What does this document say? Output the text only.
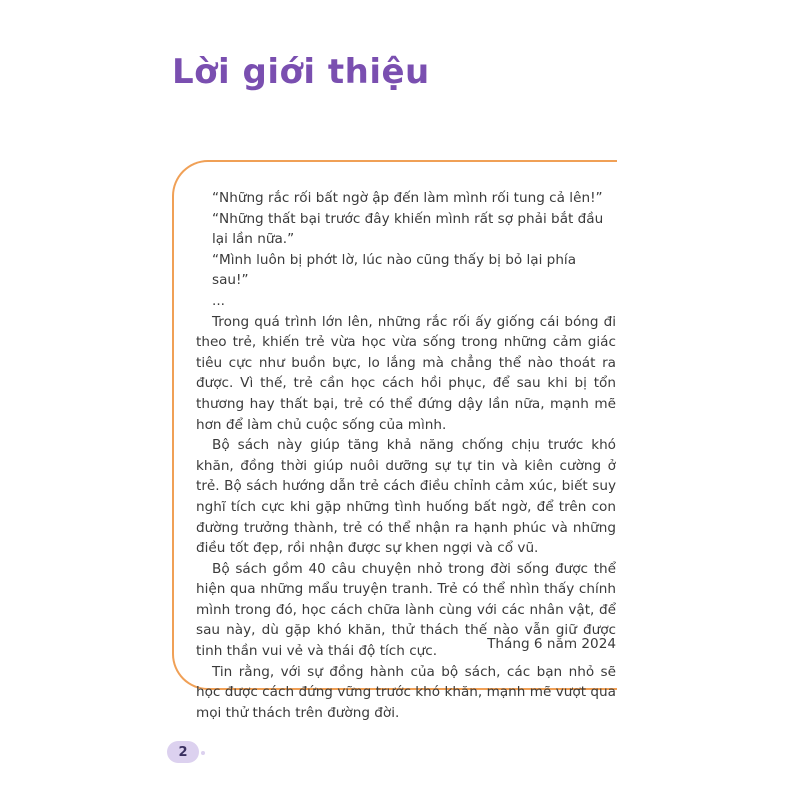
Lời giới thiệu

“Những rắc rối bất ngờ ập đến làm mình rối tung cả lên!”

“Những thất bại trước đây khiến mình rất sợ phải bắt đầu lại lần nữa.”

“Mình luôn bị phớt lờ, lúc nào cũng thấy bị bỏ lại phía sau!”

...

Trong quá trình lớn lên, những rắc rối ấy giống cái bóng đi theo trẻ, khiến trẻ vừa học vừa sống trong những cảm giác tiêu cực như buồn bực, lo lắng mà chẳng thể nào thoát ra được. Vì thế, trẻ cần học cách hồi phục, để sau khi bị tổn thương hay thất bại, trẻ có thể đứng dậy lần nữa, mạnh mẽ hơn để làm chủ cuộc sống của mình.

Bộ sách này giúp tăng khả năng chống chịu trước khó khăn, đồng thời giúp nuôi dưỡng sự tự tin và kiên cường ở trẻ. Bộ sách hướng dẫn trẻ cách điều chỉnh cảm xúc, biết suy nghĩ tích cực khi gặp những tình huống bất ngờ, để trên con đường trưởng thành, trẻ có thể nhận ra hạnh phúc và những điều tốt đẹp, rồi nhận được sự khen ngợi và cổ vũ.

Bộ sách gồm 40 câu chuyện nhỏ trong đời sống được thể hiện qua những mẩu truyện tranh. Trẻ có thể nhìn thấy chính mình trong đó, học cách chữa lành cùng với các nhân vật, để sau này, dù gặp khó khăn, thử thách thế nào vẫn giữ được tinh thần vui vẻ và thái độ tích cực.

Tin rằng, với sự đồng hành của bộ sách, các bạn nhỏ sẽ học được cách đứng vững trước khó khăn, mạnh mẽ vượt qua mọi thử thách trên đường đời.

Tháng 6 năm 2024
2
